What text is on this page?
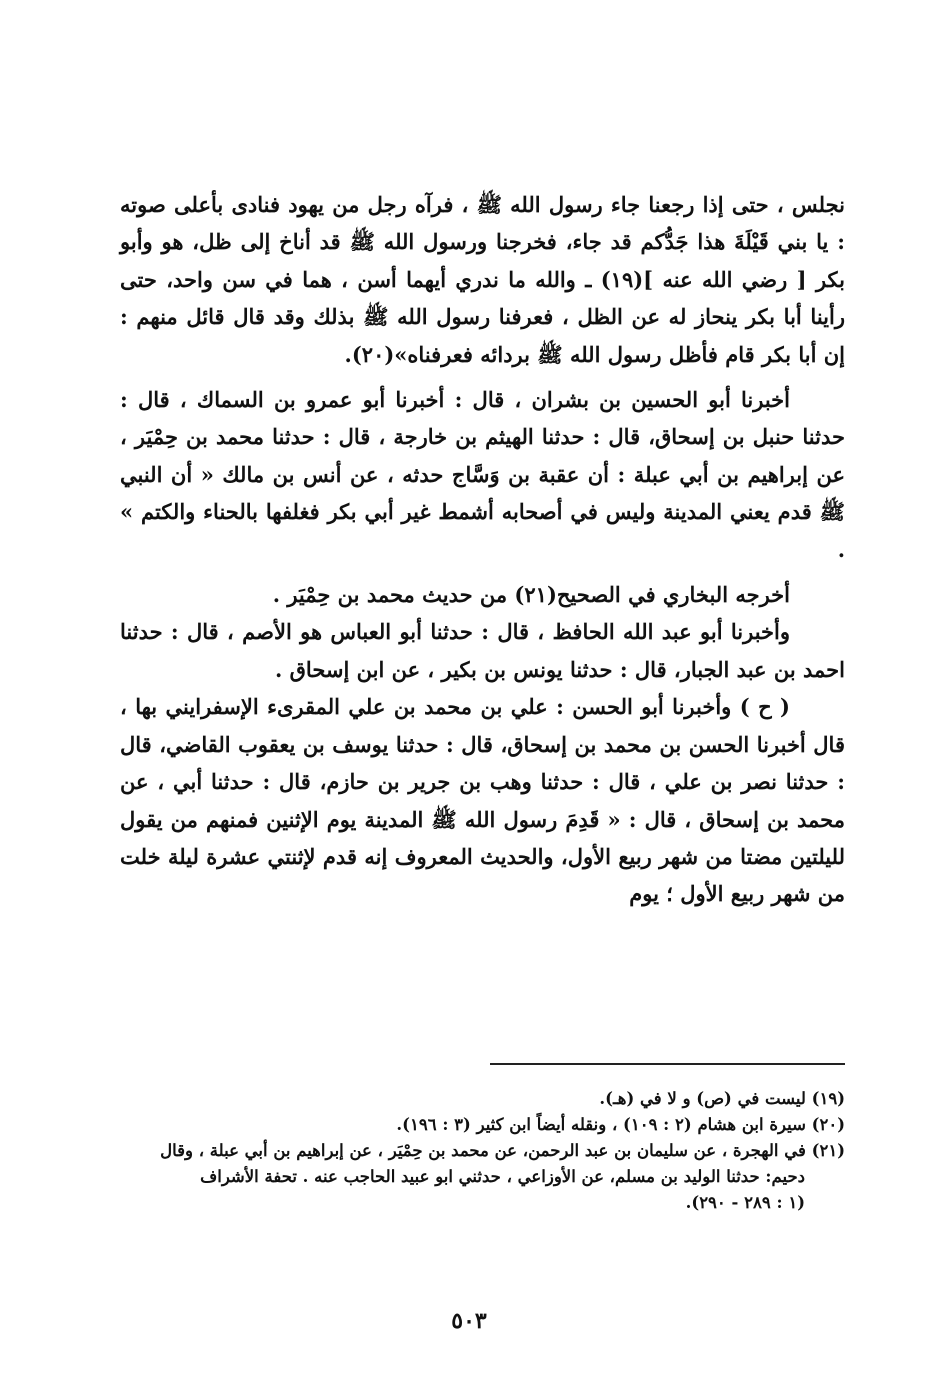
نجلس ، حتى إذا رجعنا جاء رسول الله ﷺ ، فرآه رجل من يهود فنادى بأعلى صوته : يا بني قَيْلَةَ هذا جَدُّكم قد جاء، فخرجنا ورسول الله ﷺ قد أناخ إلى ظل، هو وأبو بكر [ رضي الله عنه ](١٩) ـ والله ما ندري أيهما أسن ، هما في سن واحد، حتى رأينا أبا بكر ينحاز له عن الظل ، فعرفنا رسول الله ﷺ بذلك وقد قال قائل منهم : إن أبا بكر قام فأظل رسول الله ﷺ بردائه فعرفناه»(٢٠).

أخبرنا أبو الحسين بن بشران ، قال : أخبرنا أبو عمرو بن السماك ، قال : حدثنا حنبل بن إسحاق، قال : حدثنا الهيثم بن خارجة ، قال : حدثنا محمد بن حِمْيَر ، عن إبراهيم بن أبي عبلة : أن عقبة بن وَسَّاج حدثه ، عن أنس بن مالك « أن النبي ﷺ قدم يعني المدينة وليس في أصحابه أشمط غير أبي بكر فغلفها بالحناء والكتم » .

أخرجه البخاري في الصحيح(٢١) من حديث محمد بن حِمْيَر .

وأخبرنا أبو عبد الله الحافظ ، قال : حدثنا أبو العباس هو الأصم ، قال : حدثنا احمد بن عبد الجبار، قال : حدثنا يونس بن بكير ، عن ابن إسحاق .

( ح ) وأخبرنا أبو الحسن : علي بن محمد بن علي المقرىء الإسفرايني بها ، قال أخبرنا الحسن بن محمد بن إسحاق، قال : حدثنا يوسف بن يعقوب القاضي، قال : حدثنا نصر بن علي ، قال : حدثنا وهب بن جرير بن حازم، قال : حدثنا أبي ، عن محمد بن إسحاق ، قال : « قَدِمَ رسول الله ﷺ المدينة يوم الإثنين فمنهم من يقول لليلتين مضتا من شهر ربيع الأول، والحديث المعروف إنه قدم لإثنتي عشرة ليلة خلت من شهر ربيع الأول ؛ يوم

(١٩) ليست في (ص) و لا في (هـ).

(٢٠) سيرة ابن هشام (٢ : ١٠٩) ، ونقله أيضاً ابن كثير (٣ : ١٩٦).

(٢١) في الهجرة ، عن سليمان بن عبد الرحمن، عن محمد بن حِمْيَر ، عن إبراهيم بن أبي عبلة ، وقال

دحيم: حدثنا الوليد بن مسلم، عن الأوزاعي ، حدثني ابو عبيد الحاجب عنه . تحفة الأشراف

(١ : ٢٨٩ - ٢٩٠).

٥٠٣
